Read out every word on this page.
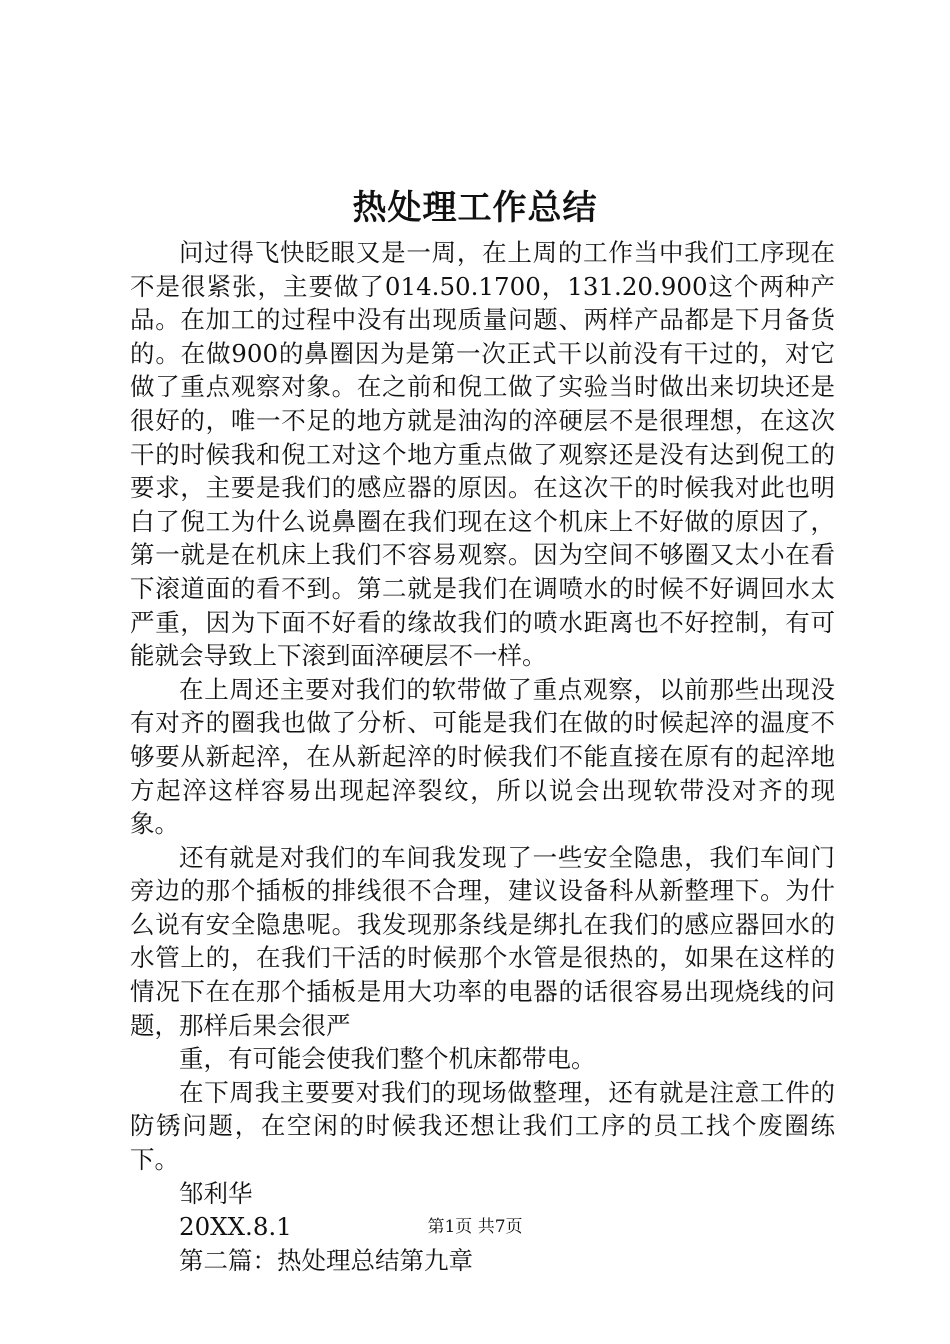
热处理工作总结

问过得飞快眨眼又是一周，在上周的工作当中我们工序现在不是很紧张，主要做了014.50.1700，131.20.900这个两种产品。在加工的过程中没有出现质量问题、两样产品都是下月备货的。在做900的鼻圈因为是第一次正式干以前没有干过的，对它做了重点观察对象。在之前和倪工做了实验当时做出来切块还是很好的，唯一不足的地方就是油沟的淬硬层不是很理想，在这次干的时候我和倪工对这个地方重点做了观察还是没有达到倪工的要求，主要是我们的感应器的原因。在这次干的时候我对此也明白了倪工为什么说鼻圈在我们现在这个机床上不好做的原因了，第一就是在机床上我们不容易观察。因为空间不够圈又太小在看下滚道面的看不到。第二就是我们在调喷水的时候不好调回水太严重，因为下面不好看的缘故我们的喷水距离也不好控制，有可能就会导致上下滚到面淬硬层不一样。

在上周还主要对我们的软带做了重点观察，以前那些出现没有对齐的圈我也做了分析、可能是我们在做的时候起淬的温度不够要从新起淬，在从新起淬的时候我们不能直接在原有的起淬地方起淬这样容易出现起淬裂纹，所以说会出现软带没对齐的现象。

还有就是对我们的车间我发现了一些安全隐患，我们车间门旁边的那个插板的排线很不合理，建议设备科从新整理下。为什么说有安全隐患呢。我发现那条线是绑扎在我们的感应器回水的水管上的，在我们干活的时候那个水管是很热的，如果在这样的情况下在在那个插板是用大功率的电器的话很容易出现烧线的问题，那样后果会很严

重，有可能会使我们整个机床都带电。

在下周我主要要对我们的现场做整理，还有就是注意工件的防锈问题，在空闲的时候我还想让我们工序的员工找个废圈练下。

邹利华

20XX.8.1

第二篇：热处理总结第九章

第1页 共7页
